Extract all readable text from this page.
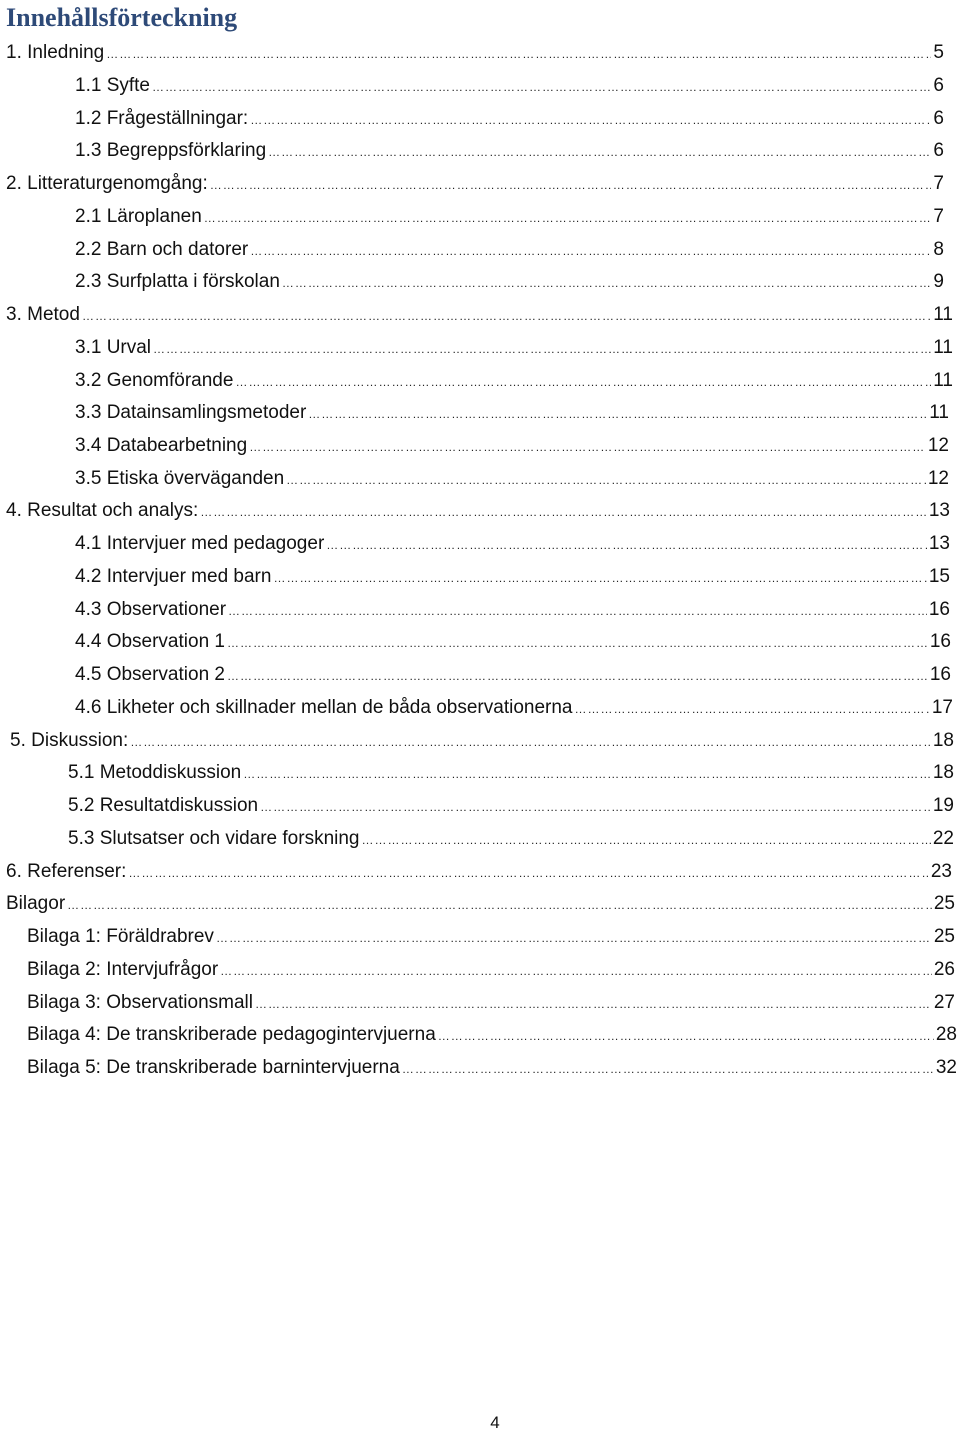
Innehållsförteckning
1. Inledning …………………………………………………………………………………………………………………………………………………………………………………………………………………………………………………………………………………………………………………………………………………	5
1.1 Syfte …………………………………………………………………………………………………………………………………………………………………………………………………………………………………………………………………………………………………………………………………………………	6
1.2 Frågeställningar: …………………………………………………………………………………………………………………………………………………………………………………………………………………………………………………………………………………………………………………………………………………	6
1.3 Begreppsförklaring …………………………………………………………………………………………………………………………………………………………………………………………………………………………………………………………………………………………………………………………………………………	6
2. Litteraturgenomgång: …………………………………………………………………………………………………………………………………………………………………………………………………………………………………………………………………………………………………………………………………………………	7
2.1 Läroplanen …………………………………………………………………………………………………………………………………………………………………………………………………………………………………………………………………………………………………………………………………………………	7
2.2 Barn och datorer …………………………………………………………………………………………………………………………………………………………………………………………………………………………………………………………………………………………………………………………………………………	8
2.3 Surfplatta i förskolan …………………………………………………………………………………………………………………………………………………………………………………………………………………………………………………………………………………………………………………………………………………	9
3. Metod …………………………………………………………………………………………………………………………………………………………………………………………………………………………………………………………………………………………………………………………………………………	11
3.1 Urval …………………………………………………………………………………………………………………………………………………………………………………………………………………………………………………………………………………………………………………………………………………	11
3.2 Genomförande …………………………………………………………………………………………………………………………………………………………………………………………………………………………………………………………………………………………………………………………………………………	11
3.3 Datainsamlingsmetoder …………………………………………………………………………………………………………………………………………………………………………………………………………………………………………………………………………………………………………………………………………………	11
3.4 Databearbetning …………………………………………………………………………………………………………………………………………………………………………………………………………………………………………………………………………………………………………………………………………………	12
3.5 Etiska överväganden …………………………………………………………………………………………………………………………………………………………………………………………………………………………………………………………………………………………………………………………………………………	12
4. Resultat och analys: …………………………………………………………………………………………………………………………………………………………………………………………………………………………………………………………………………………………………………………………………………………	13
4.1 Intervjuer med pedagoger …………………………………………………………………………………………………………………………………………………………………………………………………………………………………………………………………………………………………………………………………………………	13
4.2 Intervjuer med barn …………………………………………………………………………………………………………………………………………………………………………………………………………………………………………………………………………………………………………………………………………………	15
4.3 Observationer …………………………………………………………………………………………………………………………………………………………………………………………………………………………………………………………………………………………………………………………………………………	16
4.4 Observation 1 …………………………………………………………………………………………………………………………………………………………………………………………………………………………………………………………………………………………………………………………………………………	16
4.5 Observation 2 …………………………………………………………………………………………………………………………………………………………………………………………………………………………………………………………………………………………………………………………………………………	16
4.6 Likheter och skillnader mellan de båda observationerna …………………………………………………………………………………………………………………………………………………………………………………………………………………………………………………………………………………………………………………………………………………	17
5. Diskussion: …………………………………………………………………………………………………………………………………………………………………………………………………………………………………………………………………………………………………………………………………………………	18
5.1 Metoddiskussion …………………………………………………………………………………………………………………………………………………………………………………………………………………………………………………………………………………………………………………………………………………	18
5.2 Resultatdiskussion …………………………………………………………………………………………………………………………………………………………………………………………………………………………………………………………………………………………………………………………………………………	19
5.3 Slutsatser och vidare forskning …………………………………………………………………………………………………………………………………………………………………………………………………………………………………………………………………………………………………………………………………………………	22
6. Referenser: …………………………………………………………………………………………………………………………………………………………………………………………………………………………………………………………………………………………………………………………………………………	23
Bilagor …………………………………………………………………………………………………………………………………………………………………………………………………………………………………………………………………………………………………………………………………………………	25
Bilaga 1: Föräldrabrev …………………………………………………………………………………………………………………………………………………………………………………………………………………………………………………………………………………………………………………………………………………	25
Bilaga 2: Intervjufrågor …………………………………………………………………………………………………………………………………………………………………………………………………………………………………………………………………………………………………………………………………………………	26
Bilaga 3: Observationsmall …………………………………………………………………………………………………………………………………………………………………………………………………………………………………………………………………………………………………………………………………………………	27
Bilaga 4: De transkriberade pedagogintervjuerna …………………………………………………………………………………………………………………………………………………………………………………………………………………………………………………………………………………………………………………………………………………	28
Bilaga 5: De transkriberade barnintervjuerna …………………………………………………………………………………………………………………………………………………………………………………………………………………………………………………………………………………………………………………………………………………	32
4
